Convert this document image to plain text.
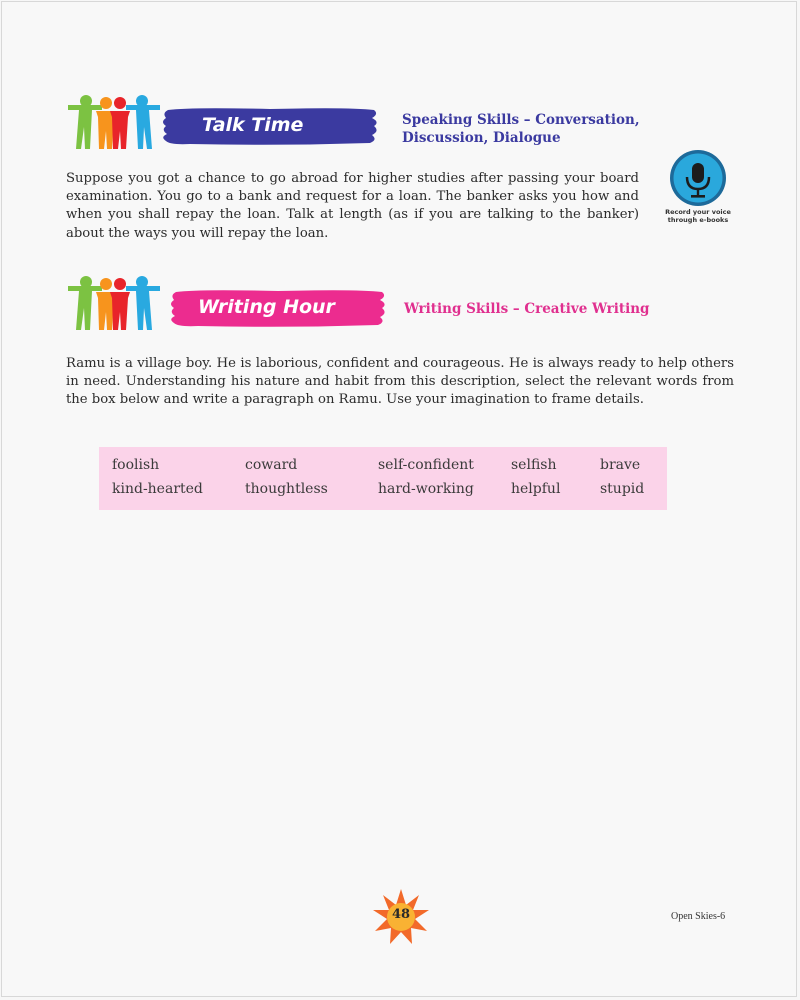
Talk Time	Speaking Skills – Conversation,
Discussion, Dialogue
Suppose you got a chance to go abroad for higher studies after passing your board examination. You go to a bank and request for a loan. The banker asks you how and when you shall repay the loan. Talk at length (as if you are talking to the banker) about the ways you will repay the loan.
Record your voice
through e-books
Writing Hour	Writing Skills – Creative Writing
Ramu is a village boy. He is laborious, confident and courageous. He is always ready to help others in need. Understanding his nature and habit from this description, select the relevant words from the box below and write a paragraph on Ramu. Use your imagination to frame details.
foolish	coward	self-confident	selfish	brave
kind-hearted	thoughtless	hard-working	helpful	stupid
48	Open Skies-6
